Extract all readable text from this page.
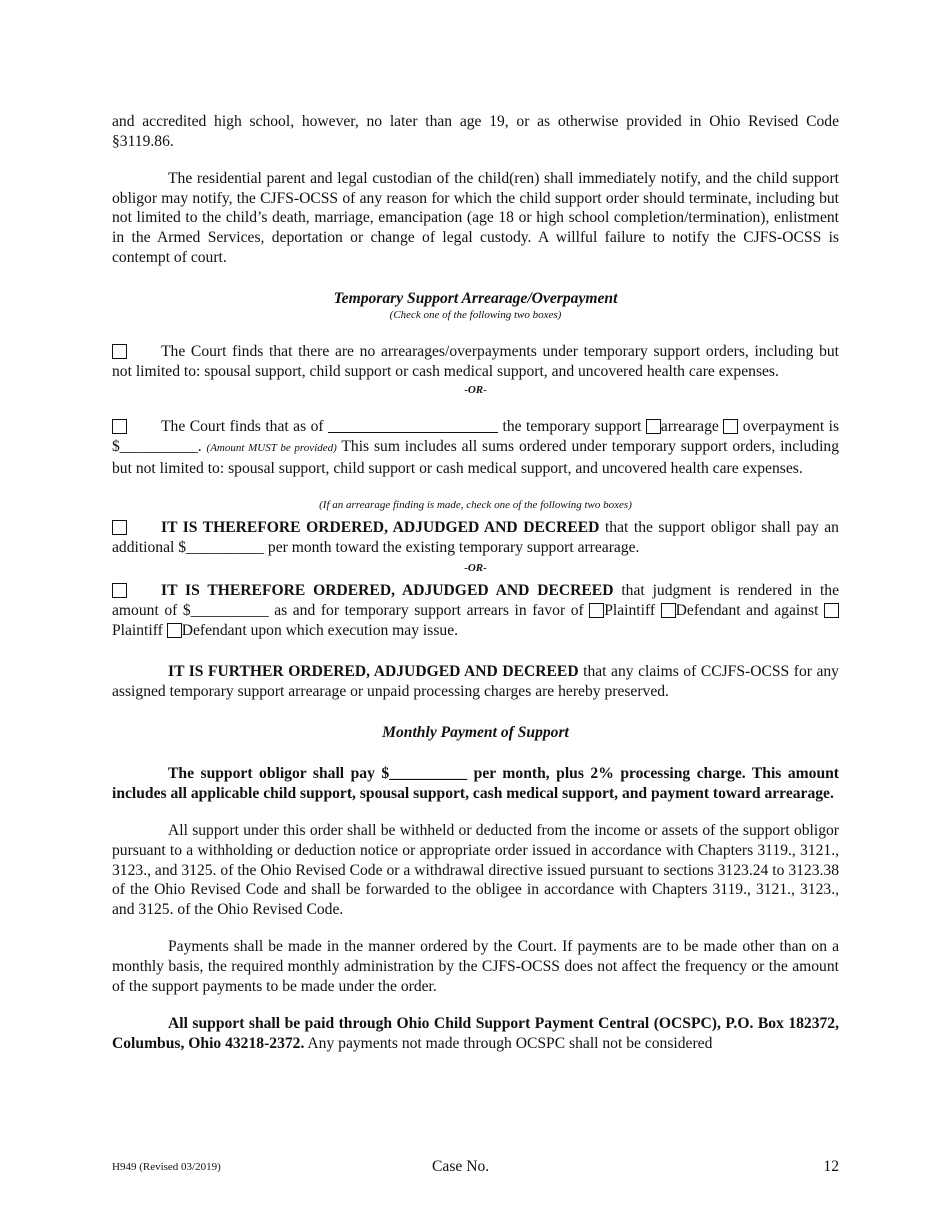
and accredited high school, however, no later than age 19, or as otherwise provided in Ohio Revised Code §3119.86.

The residential parent and legal custodian of the child(ren) shall immediately notify, and the child support obligor may notify, the CJFS-OCSS of any reason for which the child support order should terminate, including but not limited to the child’s death, marriage, emancipation (age 18 or high school completion/termination), enlistment in the Armed Services, deportation or change of legal custody. A willful failure to notify the CJFS-OCSS is contempt of court.

Temporary Support Arrearage/Overpayment
(Check one of the following two boxes)

The Court finds that there are no arrearages/overpayments under temporary support orders, including but not limited to: spousal support, child support or cash medical support, and uncovered health care expenses.

-OR-

The Court finds that as of	the temporary support arrearage overpayment is $__________. (Amount MUST be provided) This sum includes all sums ordered under temporary support orders, including but not limited to: spousal support, child support or cash medical support, and uncovered health care expenses.

(If an arrearage finding is made, check one of the following two boxes)

IT IS THEREFORE ORDERED, ADJUDGED AND DECREED that the support obligor shall pay an additional $__________ per month toward the existing temporary support arrearage.

-OR-

IT IS THEREFORE ORDERED, ADJUDGED AND DECREED that judgment is rendered in the amount of $__________ as and for temporary support arrears in favor of Plaintiff Defendant and against Plaintiff Defendant upon which execution may issue.

IT IS FURTHER ORDERED, ADJUDGED AND DECREED that any claims of CCJFS-OCSS for any assigned temporary support arrearage or unpaid processing charges are hereby preserved.

Monthly Payment of Support

The support obligor shall pay $__________ per month, plus 2% processing charge. This amount includes all applicable child support, spousal support, cash medical support, and payment toward arrearage.

All support under this order shall be withheld or deducted from the income or assets of the support obligor pursuant to a withholding or deduction notice or appropriate order issued in accordance with Chapters 3119., 3121., 3123., and 3125. of the Ohio Revised Code or a withdrawal directive issued pursuant to sections 3123.24 to 3123.38 of the Ohio Revised Code and shall be forwarded to the obligee in accordance with Chapters 3119., 3121., 3123., and 3125. of the Ohio Revised Code.

Payments shall be made in the manner ordered by the Court. If payments are to be made other than on a monthly basis, the required monthly administration by the CJFS-OCSS does not affect the frequency or the amount of the support payments to be made under the order.

All support shall be paid through Ohio Child Support Payment Central (OCSPC), P.O. Box 182372, Columbus, Ohio 43218-2372. Any payments not made through OCSPC shall not be considered

H949 (Revised 03/2019)	Case No.	12
